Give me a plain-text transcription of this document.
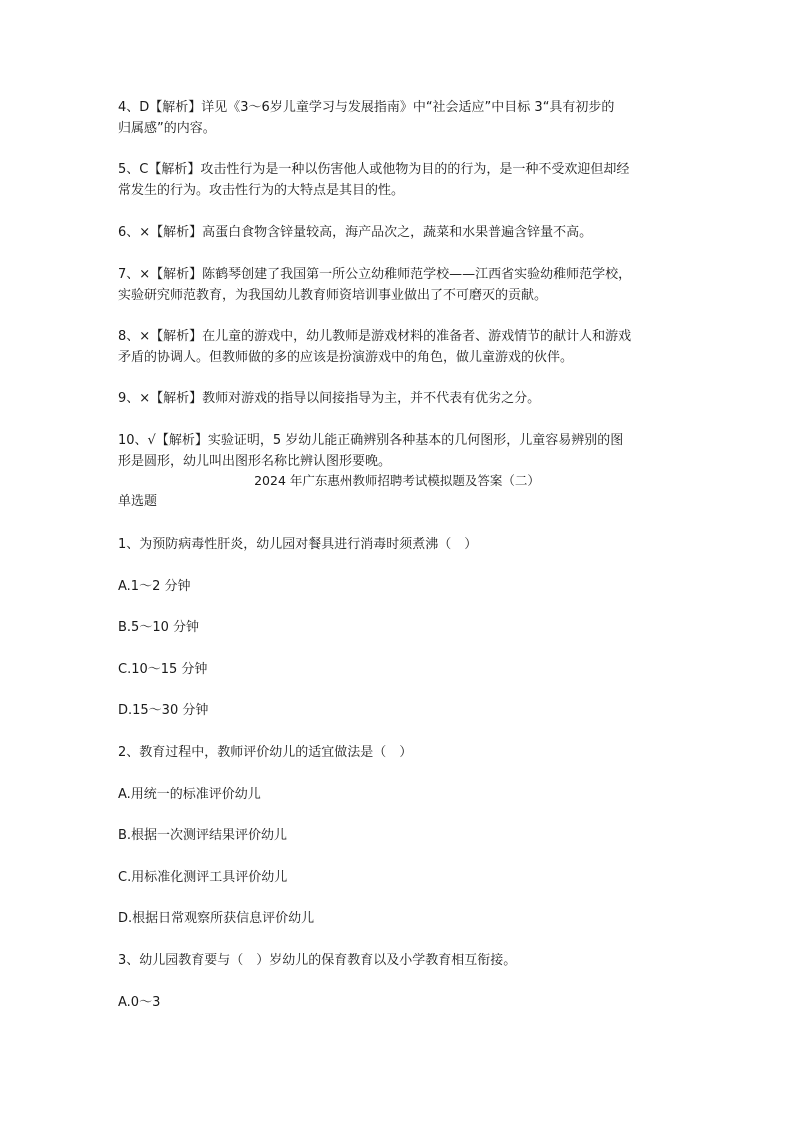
4、D【解析】详见《3～6岁儿童学习与发展指南》中“社会适应”中目标 3“具有初步的
归属感”的内容。

5、C【解析】攻击性行为是一种以伤害他人或他物为目的的行为，是一种不受欢迎但却经
常发生的行为。攻击性行为的大特点是其目的性。

6、×【解析】高蛋白食物含锌量较高，海产品次之，蔬菜和水果普遍含锌量不高。

7、×【解析】陈鹤琴创建了我国第一所公立幼稚师范学校——江西省实验幼稚师范学校，
实验研究师范教育，为我国幼儿教育师资培训事业做出了不可磨灭的贡献。

8、×【解析】在儿童的游戏中，幼儿教师是游戏材料的准备者、游戏情节的献计人和游戏
矛盾的协调人。但教师做的多的应该是扮演游戏中的角色，做儿童游戏的伙伴。

9、×【解析】教师对游戏的指导以间接指导为主，并不代表有优劣之分。

10、√【解析】实验证明，5 岁幼儿能正确辨别各种基本的几何图形，儿童容易辨别的图
形是圆形，幼儿叫出图形名称比辨认图形要晚。

2024 年广东惠州教师招聘考试模拟题及答案（二）

单选题

1、为预防病毒性肝炎，幼儿园对餐具进行消毒时须煮沸（　）

A.1～2 分钟

B.5～10 分钟

C.10～15 分钟

D.15～30 分钟

2、教育过程中，教师评价幼儿的适宜做法是（　）

A.用统一的标准评价幼儿

B.根据一次测评结果评价幼儿

C.用标准化测评工具评价幼儿

D.根据日常观察所获信息评价幼儿

3、幼儿园教育要与（　）岁幼儿的保育教育以及小学教育相互衔接。

A.0～3
